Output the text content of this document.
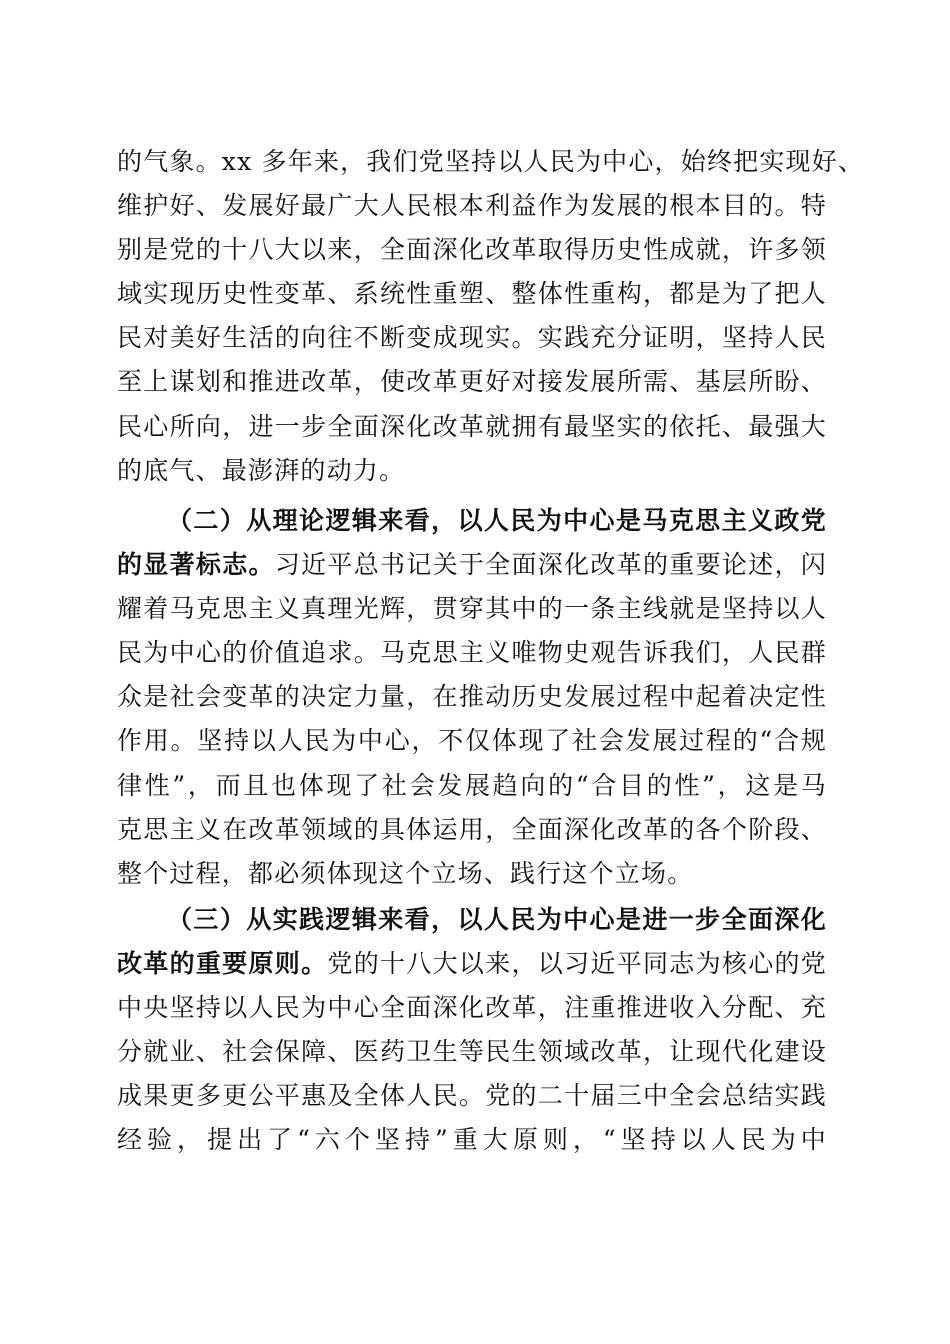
的气象。xx 多年来，我们党坚持以人民为中心，始终把实现好、
维护好、发展好最广大人民根本利益作为发展的根本目的。特
别是党的十八大以来，全面深化改革取得历史性成就，许多领
域实现历史性变革、系统性重塑、整体性重构，都是为了把人
民对美好生活的向往不断变成现实。实践充分证明，坚持人民
至上谋划和推进改革，使改革更好对接发展所需、基层所盼、
民心所向，进一步全面深化改革就拥有最坚实的依托、最强大
的底气、最澎湃的动力。
（二）从理论逻辑来看，以人民为中心是马克思主义政党
的显著标志。习近平总书记关于全面深化改革的重要论述，闪
耀着马克思主义真理光辉，贯穿其中的一条主线就是坚持以人
民为中心的价值追求。马克思主义唯物史观告诉我们，人民群
众是社会变革的决定力量，在推动历史发展过程中起着决定性
作用。坚持以人民为中心，不仅体现了社会发展过程的“合规
律性”，而且也体现了社会发展趋向的“合目的性”，这是马
克思主义在改革领域的具体运用，全面深化改革的各个阶段、
整个过程，都必须体现这个立场、践行这个立场。
（三）从实践逻辑来看，以人民为中心是进一步全面深化
改革的重要原则。党的十八大以来，以习近平同志为核心的党
中央坚持以人民为中心全面深化改革，注重推进收入分配、充
分就业、社会保障、医药卫生等民生领域改革，让现代化建设
成果更多更公平惠及全体人民。党的二十届三中全会总结实践
经验，提出了“六个坚持”重大原则，“坚持以人民为中
